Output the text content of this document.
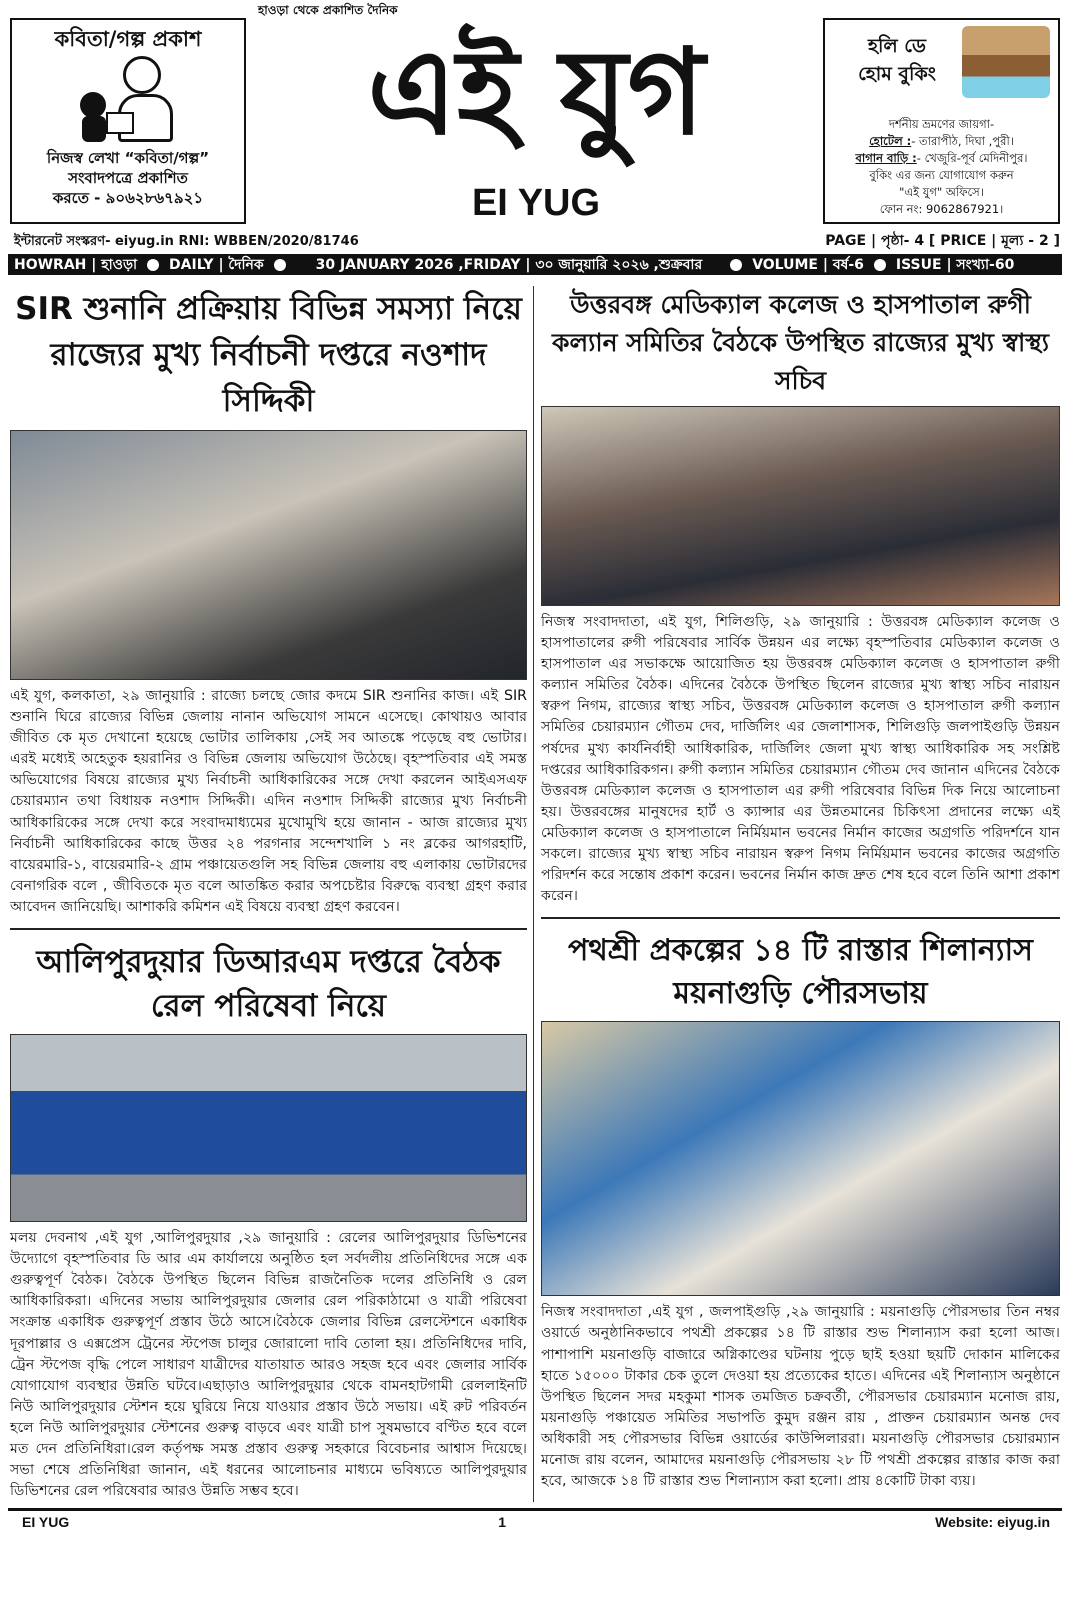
কবিতা/গল্প প্রকাশ
নিজস্ব লেখা “কবিতা/গল্প”
সংবাদপত্রে প্রকাশিত
করতে - ৯০৬২৮৬৭৯২১
হাওড়া থেকে প্রকাশিত দৈনিক
এই যুগ
EI YUG
হলি ডে
হোম বুকিং
দর্শনীয় ভ্রমণের জায়গা-
হোটেল :- তারাপীঠ, দিঘা ,পুরী।
বাগান বাড়ি :- খেজুরি-পূর্ব মেদিনীপুর।
বুকিং এর জন্য যোগাযোগ করুন
"এই যুগ" অফিসে।
ফোন নং: 9062867921।
ইন্টারনেট সংস্করণ- eiyug.in RNI: WBBEN/2020/81746	PAGE | পৃষ্ঠা- 4 [ PRICE | মূল্য - 2 ]
HOWRAH | হাওড়া DAILY | দৈনিক	30 JANUARY 2026 ,FRIDAY | ৩০ জানুয়ারি ২০২৬ ,শুক্রবার	VOLUME | বর্ষ-6 ISSUE | সংখ্যা-60
SIR শুনানি প্রক্রিয়ায় বিভিন্ন সমস্যা নিয়ে রাজ্যের মুখ্য নির্বাচনী দপ্তরে নওশাদ সিদ্দিকী
এই যুগ, কলকাতা, ২৯ জানুয়ারি : রাজ্যে চলছে জোর কদমে SIR শুনানির কাজ। এই SIR শুনানি ঘিরে রাজ্যের বিভিন্ন জেলায় নানান অভিযোগ সামনে এসেছে। কোথায়ও আবার জীবিত কে মৃত দেখানো হয়েছে ভোটার তালিকায় ,সেই সব আতঙ্কে পড়েছে বহু ভোটার। এরই মধ্যেই অহেতুক হয়রানির ও বিভিন্ন জেলায় অভিযোগ উঠেছে। বৃহস্পতিবার এই সমস্ত অভিযোগের বিষয়ে রাজ্যের মুখ্য নির্বাচনী আধিকারিকের সঙ্গে দেখা করলেন আইএসএফ চেয়ারম্যান তথা বিধায়ক নওশাদ সিদ্দিকী। এদিন নওশাদ সিদ্দিকী রাজ্যের মুখ্য নির্বাচনী আধিকারিকের সঙ্গে দেখা করে সংবাদমাধ্যমের মুখোমুখি হয়ে জানান - আজ রাজ্যের মুখ্য নির্বাচনী আধিকারিকের কাছে উত্তর ২৪ পরগনার সন্দেশখালি ১ নং ব্লকের আগরহাটি, বায়েরমারি-১, বায়েরমারি-২ গ্রাম পঞ্চায়েতগুলি সহ বিভিন্ন জেলায় বহু এলাকায় ভোটারদের বেনাগরিক বলে , জীবিতকে মৃত বলে আতঙ্কিত করার অপচেষ্টার বিরুদ্ধে ব্যবস্থা গ্রহণ করার আবেদন জানিয়েছি। আশাকরি কমিশন এই বিষয়ে ব্যবস্থা গ্রহণ করবেন।
আলিপুরদুয়ার ডিআরএম দপ্তরে বৈঠক রেল পরিষেবা নিয়ে
মলয় দেবনাথ ,এই যুগ ,আলিপুরদুয়ার ,২৯ জানুয়ারি : রেলের আলিপুরদুয়ার ডিভিশনের উদ্যোগে বৃহস্পতিবার ডি আর এম কার্যালয়ে অনুষ্ঠিত হল সর্বদলীয় প্রতিনিধিদের সঙ্গে এক গুরুত্বপূর্ণ বৈঠক। বৈঠকে উপস্থিত ছিলেন বিভিন্ন রাজনৈতিক দলের প্রতিনিধি ও রেল আধিকারিকরা। এদিনের সভায় আলিপুরদুয়ার জেলার রেল পরিকাঠামো ও যাত্রী পরিষেবা সংক্রান্ত একাধিক গুরুত্বপূর্ণ প্রস্তাব উঠে আসে।বৈঠকে জেলার বিভিন্ন রেলস্টেশনে একাধিক দূরপাল্লার ও এক্সপ্রেস ট্রেনের স্টপেজ চালুর জোরালো দাবি তোলা হয়। প্রতিনিধিদের দাবি, ট্রেন স্টপেজ বৃদ্ধি পেলে সাধারণ যাত্রীদের যাতায়াত আরও সহজ হবে এবং জেলার সার্বিক যোগাযোগ ব্যবস্থার উন্নতি ঘটবে।এছাড়াও আলিপুরদুয়ার থেকে বামনহাটগামী রেললাইনটি নিউ আলিপুরদুয়ার স্টেশন হয়ে ঘুরিয়ে নিয়ে যাওয়ার প্রস্তাব উঠে সভায়। এই রুট পরিবর্তন হলে নিউ আলিপুরদুয়ার স্টেশনের গুরুত্ব বাড়বে এবং যাত্রী চাপ সুষমভাবে বণ্টিত হবে বলে মত দেন প্রতিনিধিরা।রেল কর্তৃপক্ষ সমস্ত প্রস্তাব গুরুত্ব সহকারে বিবেচনার আশ্বাস দিয়েছে। সভা শেষে প্রতিনিধিরা জানান, এই ধরনের আলোচনার মাধ্যমে ভবিষ্যতে আলিপুরদুয়ার ডিভিশনের রেল পরিষেবার আরও উন্নতি সম্ভব হবে।
উত্তরবঙ্গ মেডিক্যাল কলেজ ও হাসপাতাল রুগী কল্যান সমিতির বৈঠকে উপস্থিত রাজ্যের মুখ্য স্বাস্থ্য সচিব
নিজস্ব সংবাদদাতা, এই যুগ, শিলিগুড়ি, ২৯ জানুয়ারি : উত্তরবঙ্গ মেডিক্যাল কলেজ ও হাসপাতালের রুগী পরিষেবার সার্বিক উন্নয়ন এর লক্ষ্যে বৃহস্পতিবার মেডিক্যাল কলেজ ও হাসপাতাল এর সভাকক্ষে আয়োজিত হয় উত্তরবঙ্গ মেডিক্যাল কলেজ ও হাসপাতাল রুগী কল্যান সমিতির বৈঠক। এদিনের বৈঠকে উপস্থিত ছিলেন রাজ্যের মুখ্য স্বাস্থ্য সচিব নারায়ন স্বরুপ নিগম, রাজ্যের স্বাস্থ্য সচিব, উত্তরবঙ্গ মেডিক্যাল কলেজ ও হাসপাতাল রুগী কল্যান সমিতির চেয়ারম্যান গৌতম দেব, দার্জিলিং এর জেলাশাসক, শিলিগুড়ি জলপাইগুড়ি উন্নয়ন পর্ষদের মুখ্য কার্যনির্বাহী আধিকারিক, দার্জিলিং জেলা মুখ্য স্বাস্থ্য আধিকারিক সহ সংশ্লিষ্ট দপ্তরের আধিকারিকগন। রুগী কল্যান সমিতির চেয়ারম্যান গৌতম দেব জানান এদিনের বৈঠকে উত্তরবঙ্গ মেডিক্যাল কলেজ ও হাসপাতাল এর রুগী পরিষেবার বিভিন্ন দিক নিয়ে আলোচনা হয়। উত্তরবঙ্গের মানুষদের হার্ট ও ক্যান্সার এর উন্নতমানের চিকিৎসা প্রদানের লক্ষ্যে এই মেডিক্যাল কলেজ ও হাসপাতালে নির্মিয়মান ভবনের নির্মান কাজের অগ্রগতি পরিদর্শনে যান সকলে। রাজ্যের মুখ্য স্বাস্থ্য সচিব নারায়ন স্বরুপ নিগম নির্মিয়মান ভবনের কাজের অগ্রগতি পরিদর্শন করে সন্তোষ প্রকাশ করেন। ভবনের নির্মান কাজ দ্রুত শেষ হবে বলে তিনি আশা প্রকাশ করেন।
পথশ্রী প্রকল্পের ১৪ টি রাস্তার শিলান্যাস ময়নাগুড়ি পৌরসভায়
নিজস্ব সংবাদদাতা ,এই যুগ , জলপাইগুড়ি ,২৯ জানুয়ারি : ময়নাগুড়ি পৌরসভার তিন নম্বর ওয়ার্ডে অনুষ্ঠানিকভাবে পথশ্রী প্রকল্পের ১৪ টি রাস্তার শুভ শিলান্যাস করা হলো আজ। পাশাপাশি ময়নাগুড়ি বাজারে অগ্নিকাণ্ডের ঘটনায় পুড়ে ছাই হওয়া ছয়টি দোকান মালিকের হাতে ১৫০০০ টাকার চেক তুলে দেওয়া হয় প্রত্যেকের হাতে। এদিনের এই শিলান্যাস অনুষ্ঠানে উপস্থিত ছিলেন সদর মহকুমা শাসক তমজিত চক্রবর্তী, পৌরসভার চেয়ারম্যান মনোজ রায়, ময়নাগুড়ি পঞ্চায়েত সমিতির সভাপতি কুমুদ রঞ্জন রায় , প্রাক্তন চেয়ারম্যান অনন্ত দেব অধিকারী সহ পৌরসভার বিভিন্ন ওয়ার্ডের কাউন্সিলাররা। ময়নাগুড়ি পৌরসভার চেয়ারম্যান মনোজ রায় বলেন, আমাদের ময়নাগুড়ি পৌরসভায় ২৮ টি পথশ্রী প্রকল্পের রাস্তার কাজ করা হবে, আজকে ১৪ টি রাস্তার শুভ শিলান্যাস করা হলো। প্রায় ৪কোটি টাকা ব্যয়।
EI YUG	1	Website: eiyug.in
